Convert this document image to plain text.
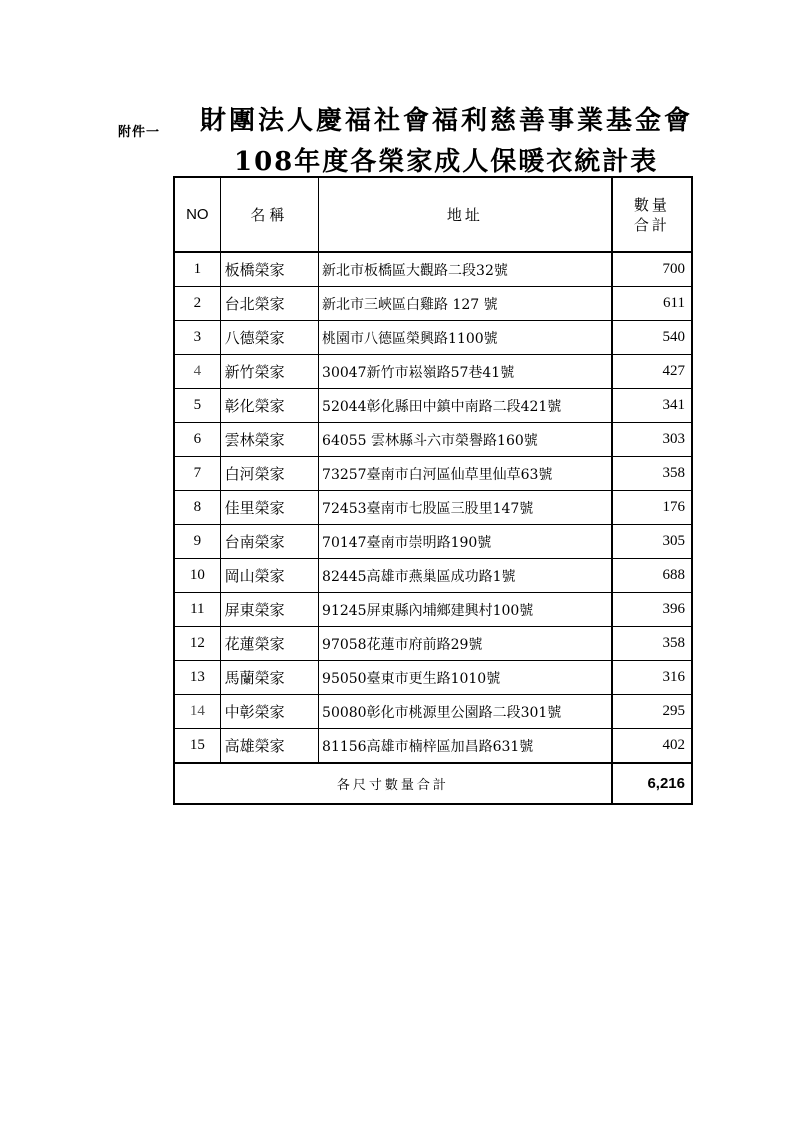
附件一 財團法人慶福社會福利慈善事業基金會
108年度各榮家成人保暖衣統計表
NO	名稱	地址	數量
合計

1	板橋榮家	新北市板橋區大觀路二段32號	700
2	台北榮家	新北市三峽區白雞路 127 號	611
3	八德榮家	桃園市八德區榮興路1100號	540
4	新竹榮家	30047新竹市崧嶺路57巷41號	427
5	彰化榮家	52044彰化縣田中鎮中南路二段421號	341
6	雲林榮家	64055 雲林縣斗六市榮譽路160號	303
7	白河榮家	73257臺南市白河區仙草里仙草63號	358
8	佳里榮家	72453臺南市七股區三股里147號	176
9	台南榮家	70147臺南市崇明路190號	305
10	岡山榮家	82445高雄市燕巢區成功路1號	688
11	屏東榮家	91245屏東縣內埔鄉建興村100號	396
12	花蓮榮家	97058花蓮市府前路29號	358
13	馬蘭榮家	95050臺東市更生路1010號	316
14	中彰榮家	50080彰化市桃源里公園路二段301號	295
15	高雄榮家	81156高雄市楠梓區加昌路631號	402
各尺寸數量合計			6,216
